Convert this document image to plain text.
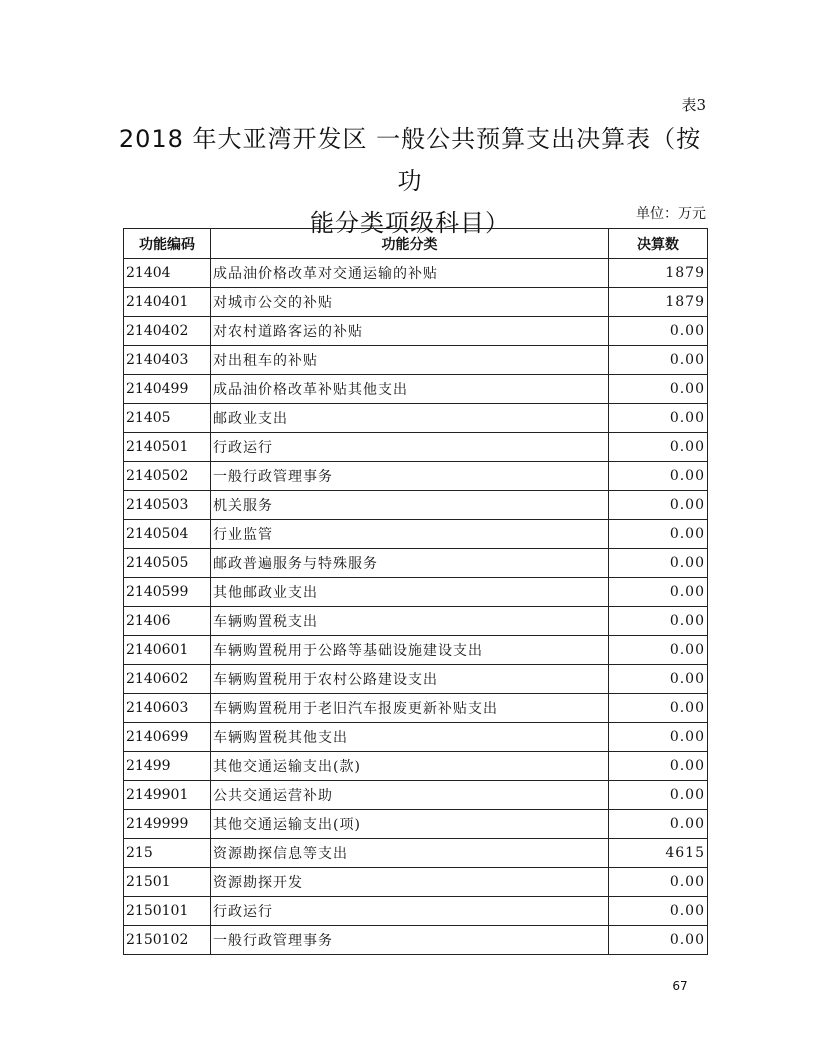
表3
2018 年大亚湾开发区 一般公共预算支出决算表（按功
能分类项级科目）	单位：万元
功能编码	功能分类	决算数
21404	成品油价格改革对交通运输的补贴	1879
2140401	对城市公交的补贴	1879
2140402	对农村道路客运的补贴	0.00
2140403	对出租车的补贴	0.00
2140499	成品油价格改革补贴其他支出	0.00
21405	邮政业支出	0.00
2140501	行政运行	0.00
2140502	一般行政管理事务	0.00
2140503	机关服务	0.00
2140504	行业监管	0.00
2140505	邮政普遍服务与特殊服务	0.00
2140599	其他邮政业支出	0.00
21406	车辆购置税支出	0.00
2140601	车辆购置税用于公路等基础设施建设支出	0.00
2140602	车辆购置税用于农村公路建设支出	0.00
2140603	车辆购置税用于老旧汽车报废更新补贴支出	0.00
2140699	车辆购置税其他支出	0.00
21499	其他交通运输支出(款)	0.00
2149901	公共交通运营补助	0.00
2149999	其他交通运输支出(项)	0.00
215	资源勘探信息等支出	4615
21501	资源勘探开发	0.00
2150101	行政运行	0.00
2150102	一般行政管理事务	0.00
67
